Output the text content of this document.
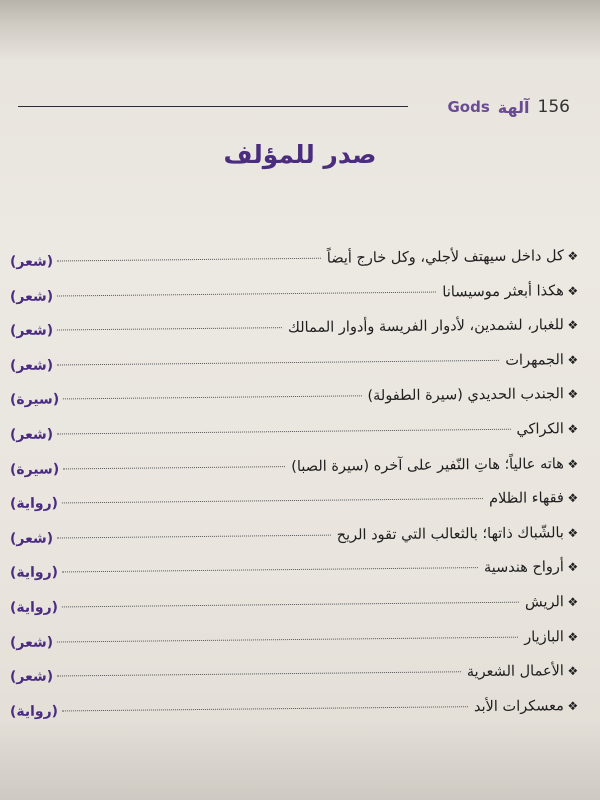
Gods آلهة 156
صدر للمؤلف
❖
كل داخل سيهتف لأجلي، وكل خارج أيضاً
(شعر)
❖
هكذا أبعثر موسيسانا
(شعر)
❖
للغبار، لشمدين، لأدوار الفريسة وأدوار الممالك
(شعر)
❖
الجمهرات
(شعر)
❖
الجندب الحديدي (سيرة الطفولة)
(سيرة)
❖
الكراكي
(شعر)
❖
هاته عالياً؛ هاتِ النّفير على آخره (سيرة الصبا)
(سيرة)
❖
فقهاء الظلام
(رواية)
❖
بالشّباك ذاتها؛ بالثعالب التي تقود الريح
(شعر)
❖
أرواح هندسية
(رواية)
❖
الريش
(رواية)
❖
البازيار
(شعر)
❖
الأعمال الشعرية
(شعر)
❖
معسكرات الأبد
(رواية)
